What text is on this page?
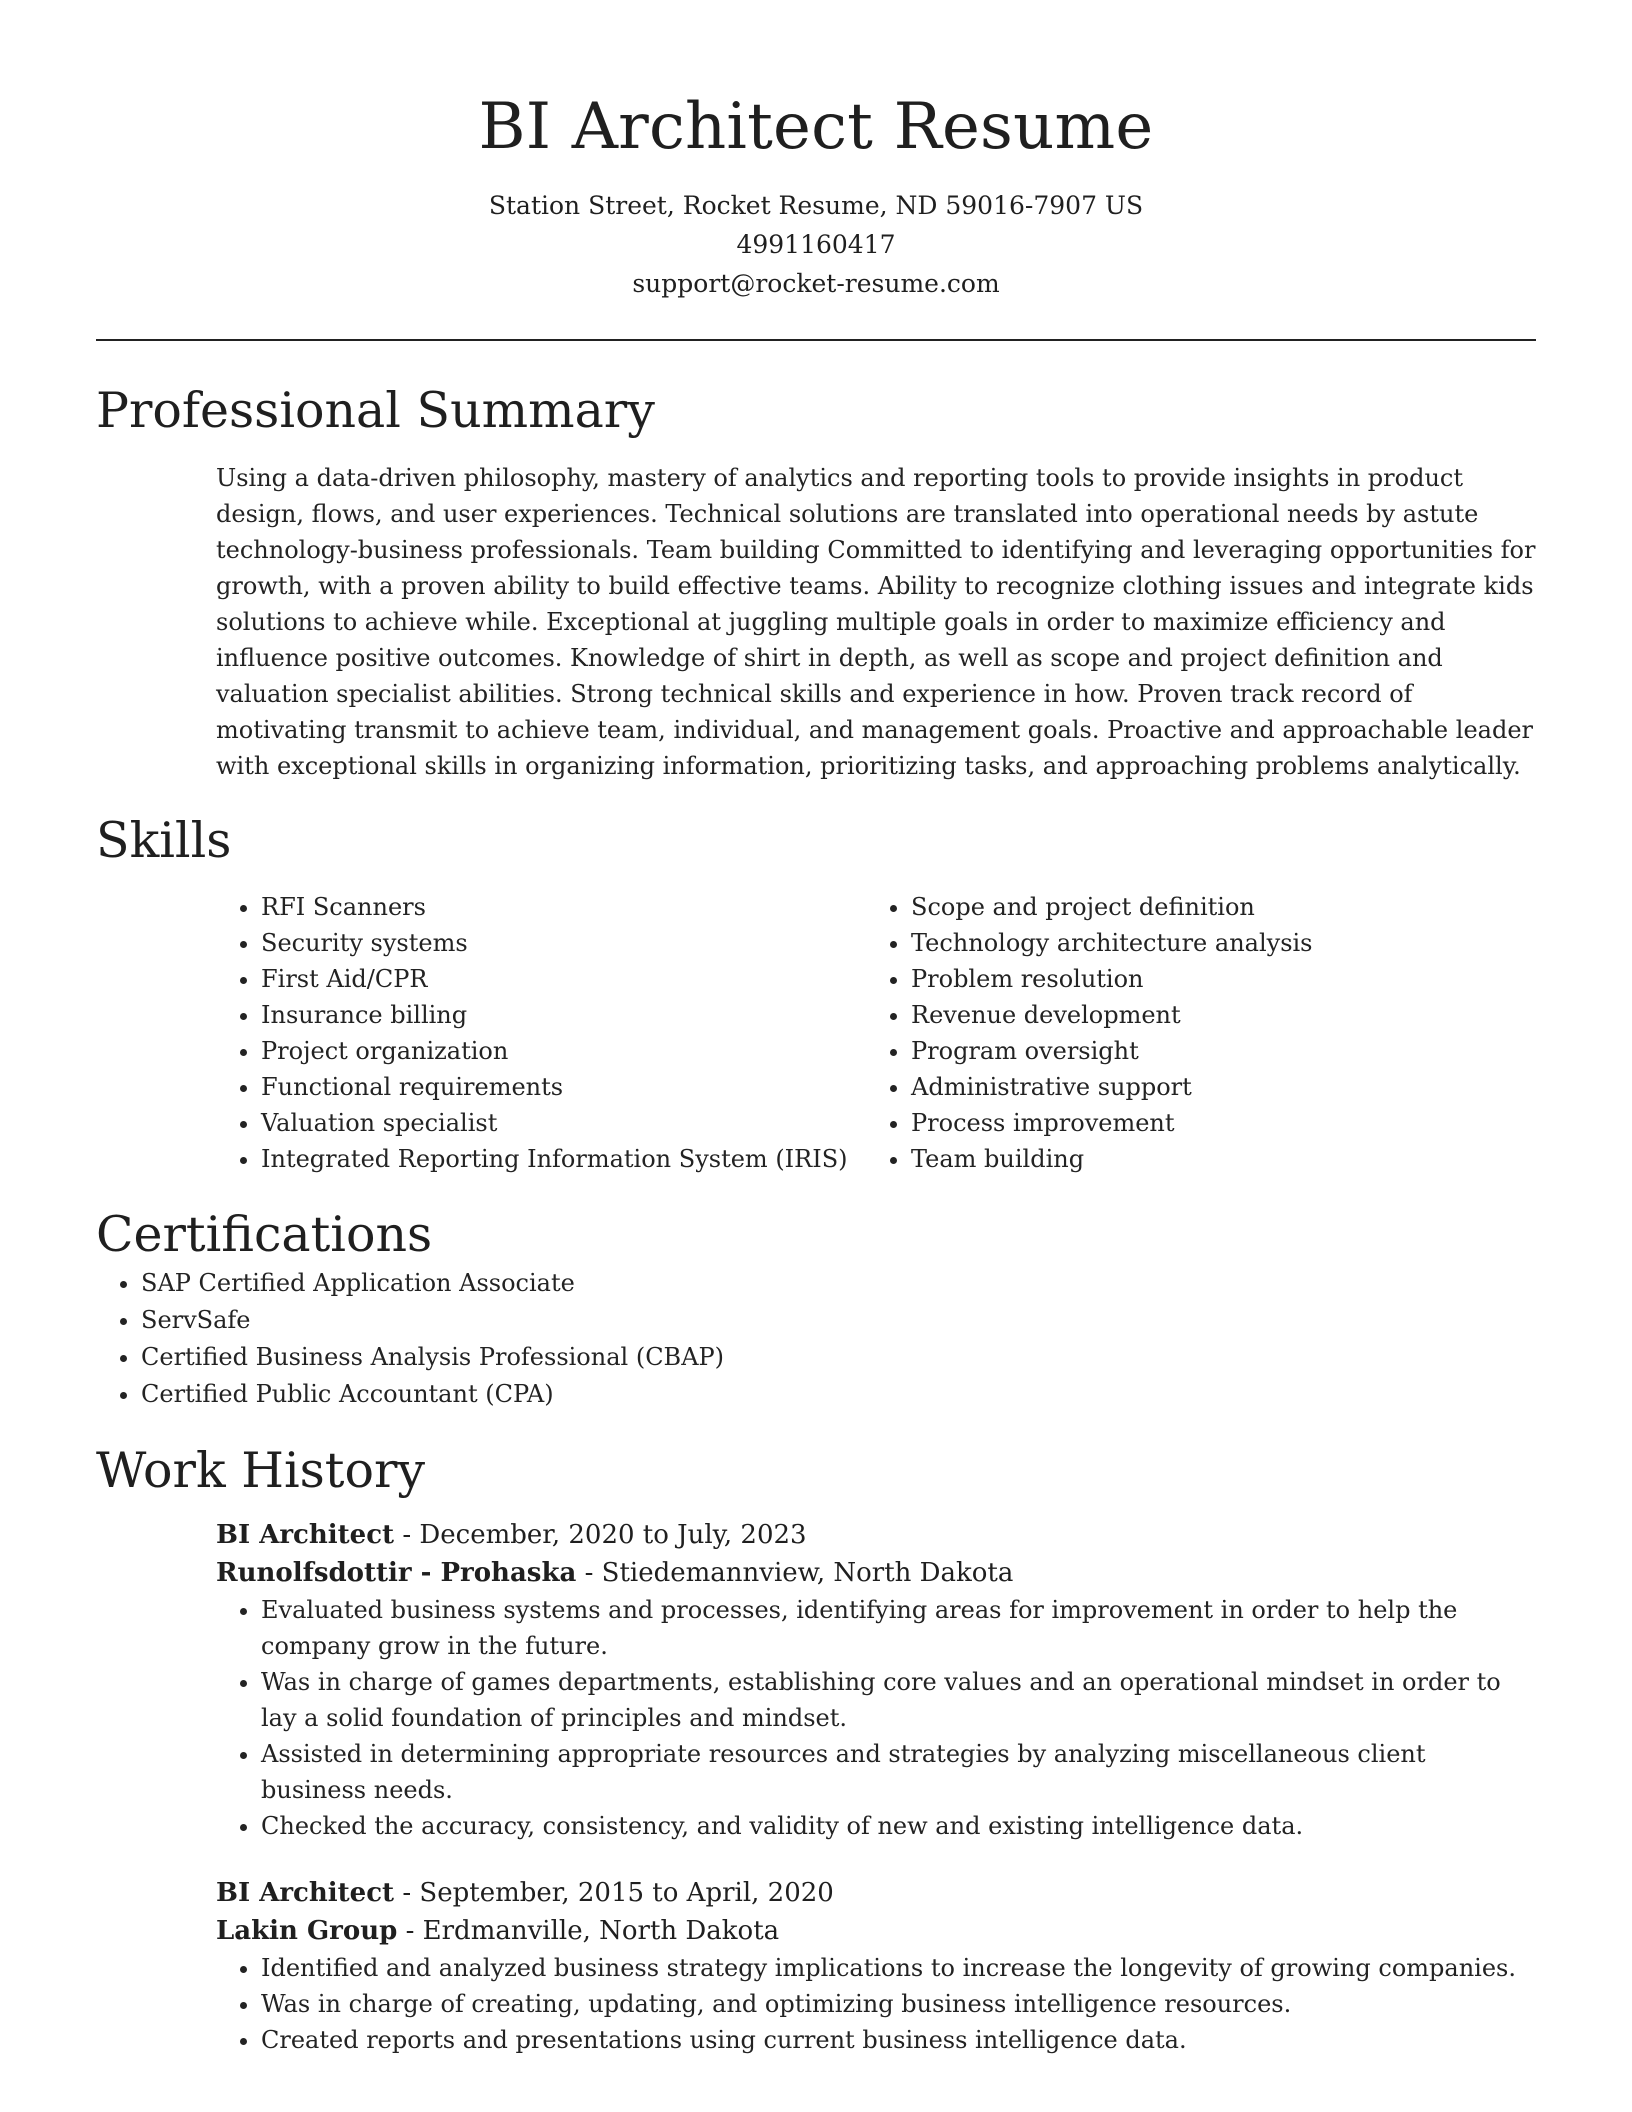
BI Architect Resume
Station Street, Rocket Resume, ND 59016-7907 US
4991160417
support@rocket-resume.com
Professional Summary

Using a data-driven philosophy, mastery of analytics and reporting tools to provide insights in product design, flows, and user experiences. Technical solutions are translated into operational needs by astute technology-business professionals. Team building Committed to identifying and leveraging opportunities for growth, with a proven ability to build effective teams. Ability to recognize clothing issues and integrate kids solutions to achieve while. Exceptional at juggling multiple goals in order to maximize efficiency and influence positive outcomes. Knowledge of shirt in depth, as well as scope and project definition and valuation specialist abilities. Strong technical skills and experience in how. Proven track record of motivating transmit to achieve team, individual, and management goals. Proactive and approachable leader with exceptional skills in organizing information, prioritizing tasks, and approaching problems analytically.

Skills
• RFI Scanners
• Security systems
• First Aid/CPR
• Insurance billing
• Project organization
• Functional requirements
• Valuation specialist
• Integrated Reporting Information System (IRIS)
• Scope and project definition
• Technology architecture analysis
• Problem resolution
• Revenue development
• Program oversight
• Administrative support
• Process improvement
• Team building
Certifications
• SAP Certified Application Associate
• ServSafe
• Certified Business Analysis Professional (CBAP)
• Certified Public Accountant (CPA)
Work History
BI Architect - December, 2020 to July, 2023
Runolfsdottir - Prohaska - Stiedemannview, North Dakota
• Evaluated business systems and processes, identifying areas for improvement in order to help the company grow in the future.
• Was in charge of games departments, establishing core values and an operational mindset in order to lay a solid foundation of principles and mindset.
• Assisted in determining appropriate resources and strategies by analyzing miscellaneous client business needs.
• Checked the accuracy, consistency, and validity of new and existing intelligence data.
BI Architect - September, 2015 to April, 2020
Lakin Group - Erdmanville, North Dakota
• Identified and analyzed business strategy implications to increase the longevity of growing companies.
• Was in charge of creating, updating, and optimizing business intelligence resources.
• Created reports and presentations using current business intelligence data.
